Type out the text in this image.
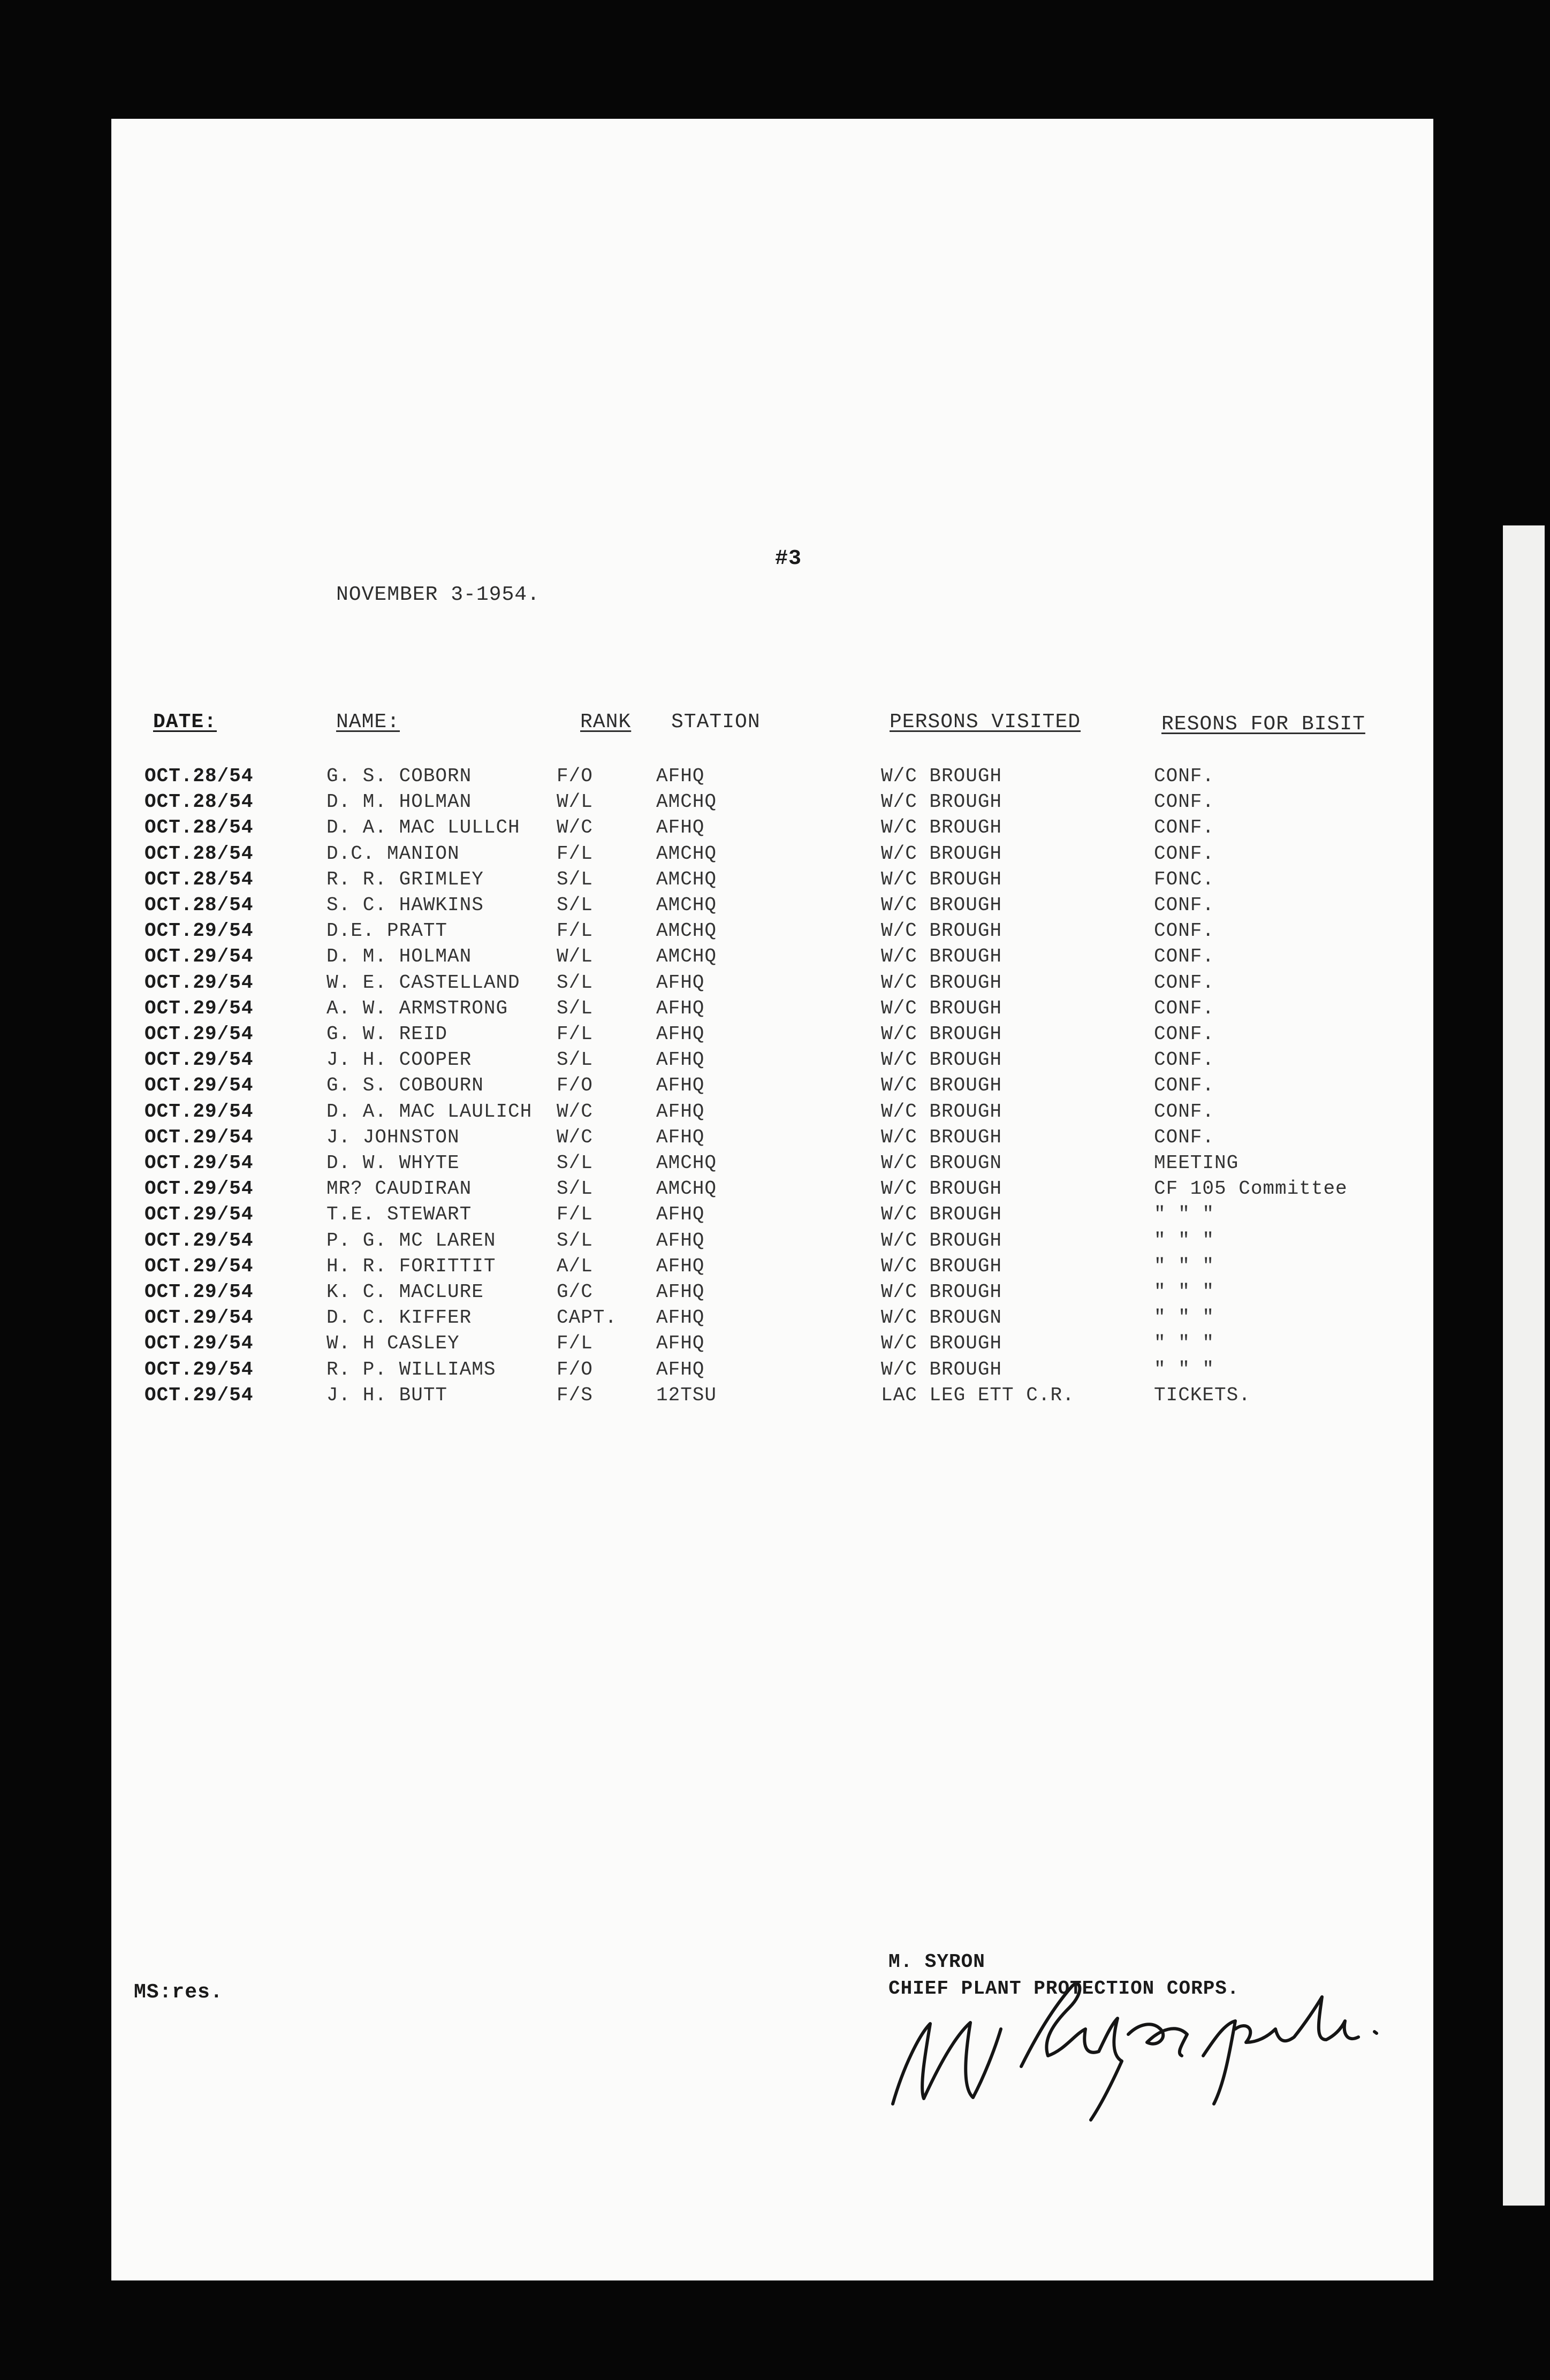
#3
NOVEMBER 3-1954.
DATE:	NAME:	RANK STATION	PERSONS VISITED	RESONS FOR BISIT
OCT.28/54	G. S. COBORN	F/O	AFHQ	W/C BROUGH	CONF.
OCT.28/54	D. M. HOLMAN	W/L	AMCHQ	W/C BROUGH	CONF.
OCT.28/54	D. A. MAC LULLCH W/C	AFHQ	W/C BROUGH	CONF.
OCT.28/54	D.C. MANION	F/L	AMCHQ	W/C BROUGH	CONF.
OCT.28/54	R. R. GRIMLEY	S/L	AMCHQ	W/C BROUGH	FONC.
OCT.28/54	S. C. HAWKINS	S/L	AMCHQ	W/C BROUGH	CONF.
OCT.29/54	D.E. PRATT	F/L	AMCHQ	W/C BROUGH	CONF.
OCT.29/54	D. M. HOLMAN	W/L	AMCHQ	W/C BROUGH	CONF.
OCT.29/54	W. E. CASTELLAND S/L	AFHQ	W/C BROUGH	CONF.
OCT.29/54	A. W. ARMSTRONG	S/L	AFHQ	W/C BROUGH	CONF.
OCT.29/54	G. W. REID	F/L	AFHQ	W/C BROUGH	CONF.
OCT.29/54	J. H. COOPER	S/L	AFHQ	W/C BROUGH	CONF.
OCT.29/54	G. S. COBOURN	F/O	AFHQ	W/C BROUGH	CONF.
OCT.29/54	D. A. MAC LAULICH W/C	AFHQ	W/C BROUGH	CONF.
OCT.29/54	J. JOHNSTON	W/C	AFHQ	W/C BROUGH	CONF.
OCT.29/54	D. W. WHYTE	S/L	AMCHQ	W/C BROUGN	MEETING
OCT.29/54	MR? CAUDIRAN	S/L	AMCHQ	W/C BROUGH	CF 105 Committee
OCT.29/54	T.E. STEWART	F/L	AFHQ	W/C BROUGH	" " "
OCT.29/54	P. G. MC LAREN	S/L	AFHQ	W/C BROUGH	" " "
OCT.29/54	H. R. FORITTIT	A/L	AFHQ	W/C BROUGH	" " "
OCT.29/54	K. C. MACLURE	G/C	AFHQ	W/C BROUGH	" " "
OCT.29/54	D. C. KIFFER	CAPT. AFHQ	W/C BROUGN	" " "
OCT.29/54	W. H CASLEY	F/L	AFHQ	W/C BROUGH	" " "
OCT.29/54	R. P. WILLIAMS	F/O	AFHQ	W/C BROUGH	" " "
OCT.29/54	J. H. BUTT	F/S	12TSU	LAC LEG ETT C.R.	TICKETS.
MS:res.
M. SYRON
CHIEF PLANT PROTECTION CORPS.
